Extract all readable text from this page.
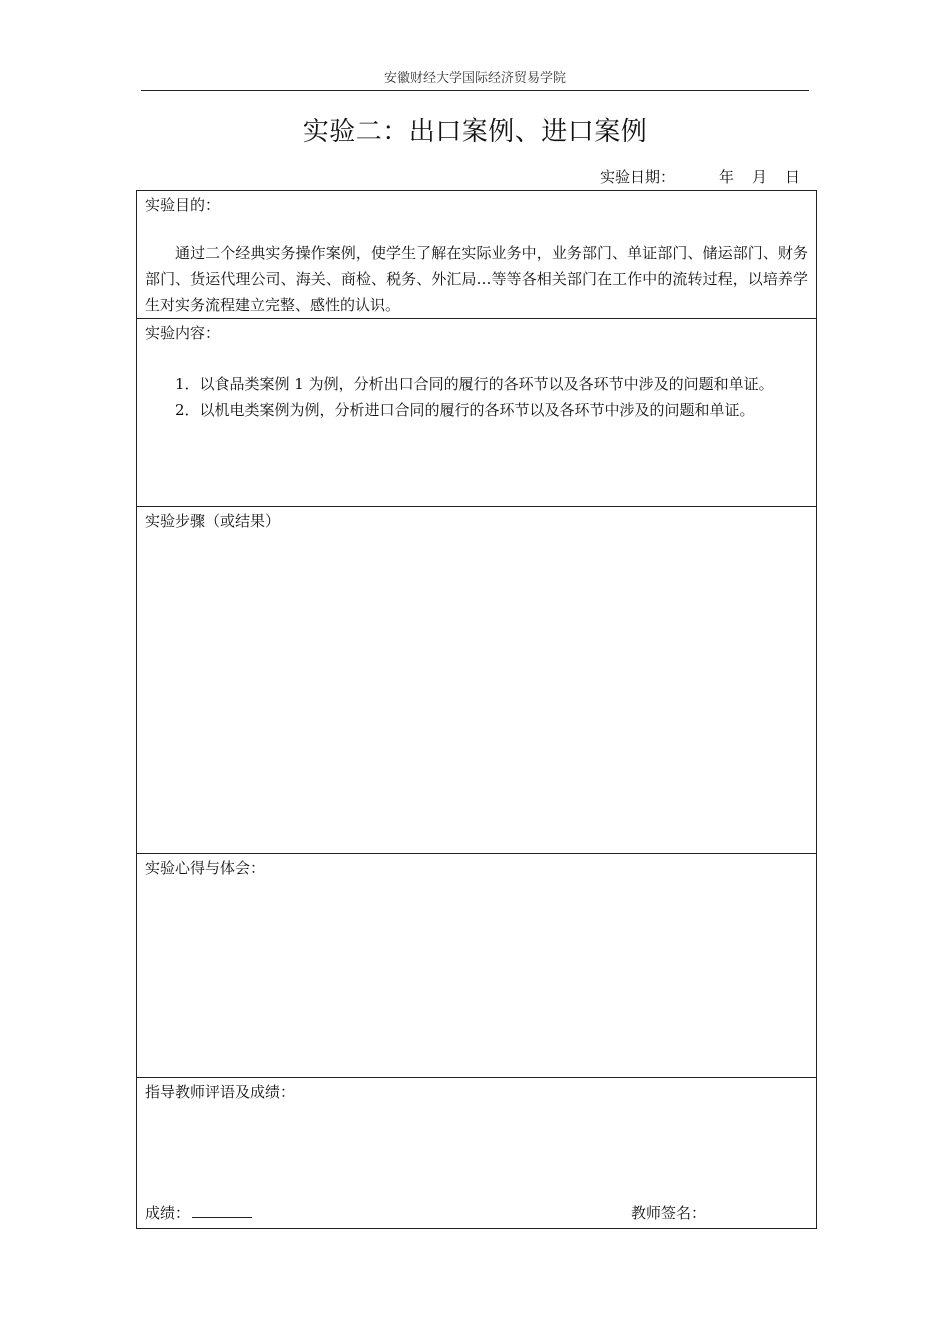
安徽财经大学国际经济贸易学院
实验二：出口案例、进口案例
实验日期：	年 月 日
实验目的：

通过二个经典实务操作案例，使学生了解在实际业务中，业务部门、单证部门、储运部门、财务部门、货运代理公司、海关、商检、税务、外汇局…等等各相关部门在工作中的流转过程，以培养学生对实务流程建立完整、感性的认识。

实验内容：

1．以食品类案例 1 为例，分析出口合同的履行的各环节以及各环节中涉及的问题和单证。

2．以机电类案例为例，分析进口合同的履行的各环节以及各环节中涉及的问题和单证。

实验步骤（或结果）

实验心得与体会：

指导教师评语及成绩：
成绩：	教师签名：
